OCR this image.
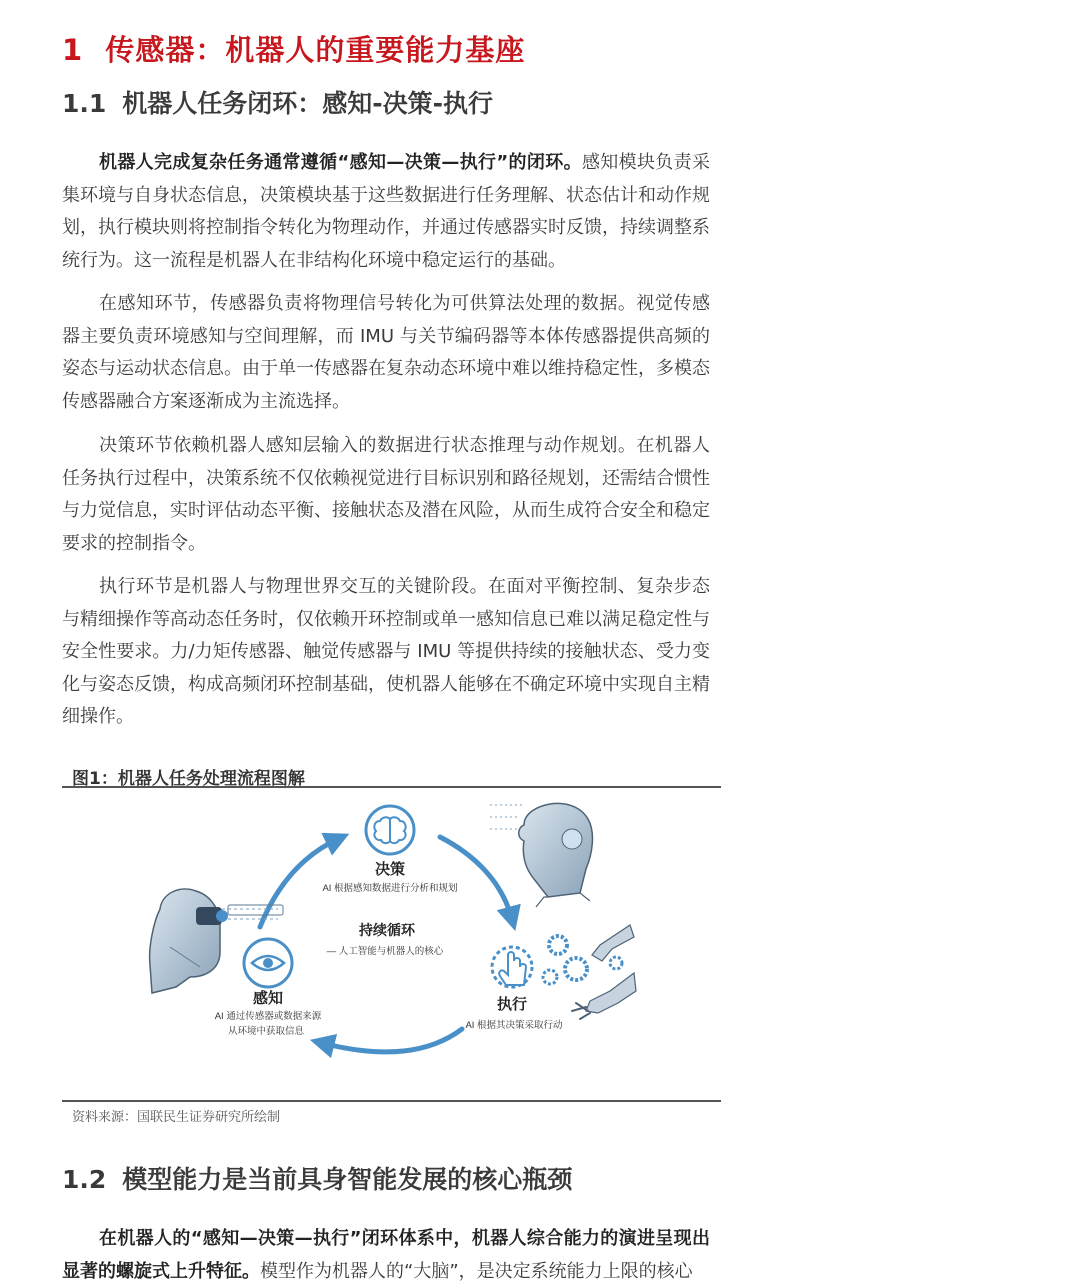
1 传感器：机器人的重要能力基座
1.1 机器人任务闭环：感知-决策-执行

机器人完成复杂任务通常遵循“感知—决策—执行”的闭环。感知模块负责采集环境与自身状态信息，决策模块基于这些数据进行任务理解、状态估计和动作规划，执行模块则将控制指令转化为物理动作，并通过传感器实时反馈，持续调整系统行为。这一流程是机器人在非结构化环境中稳定运行的基础。

在感知环节，传感器负责将物理信号转化为可供算法处理的数据。视觉传感器主要负责环境感知与空间理解，而 IMU 与关节编码器等本体传感器提供高频的姿态与运动状态信息。由于单一传感器在复杂动态环境中难以维持稳定性，多模态传感器融合方案逐渐成为主流选择。

决策环节依赖机器人感知层输入的数据进行状态推理与动作规划。在机器人任务执行过程中，决策系统不仅依赖视觉进行目标识别和路径规划，还需结合惯性与力觉信息，实时评估动态平衡、接触状态及潜在风险，从而生成符合安全和稳定要求的控制指令。

执行环节是机器人与物理世界交互的关键阶段。在面对平衡控制、复杂步态与精细操作等高动态任务时，仅依赖开环控制或单一感知信息已难以满足稳定性与安全性要求。力/力矩传感器、触觉传感器与 IMU 等提供持续的接触状态、受力变化与姿态反馈，构成高频闭环控制基础，使机器人能够在不确定环境中实现自主精细操作。

图1：机器人任务处理流程图解

决策
AI 根据感知数据进行分析和规划
持续循环
— 人工智能与机器人的核心
感知
AI 通过传感器或数据来源
从环境中获取信息
执行
AI 根据其决策采取行动

资料来源：国联民生证券研究所绘制

1.2 模型能力是当前具身智能发展的核心瓶颈

在机器人的“感知—决策—执行”闭环体系中，机器人综合能力的演进呈现出显著的螺旋式上升特征。模型作为机器人的“大脑”，是决定系统能力上限的核心
